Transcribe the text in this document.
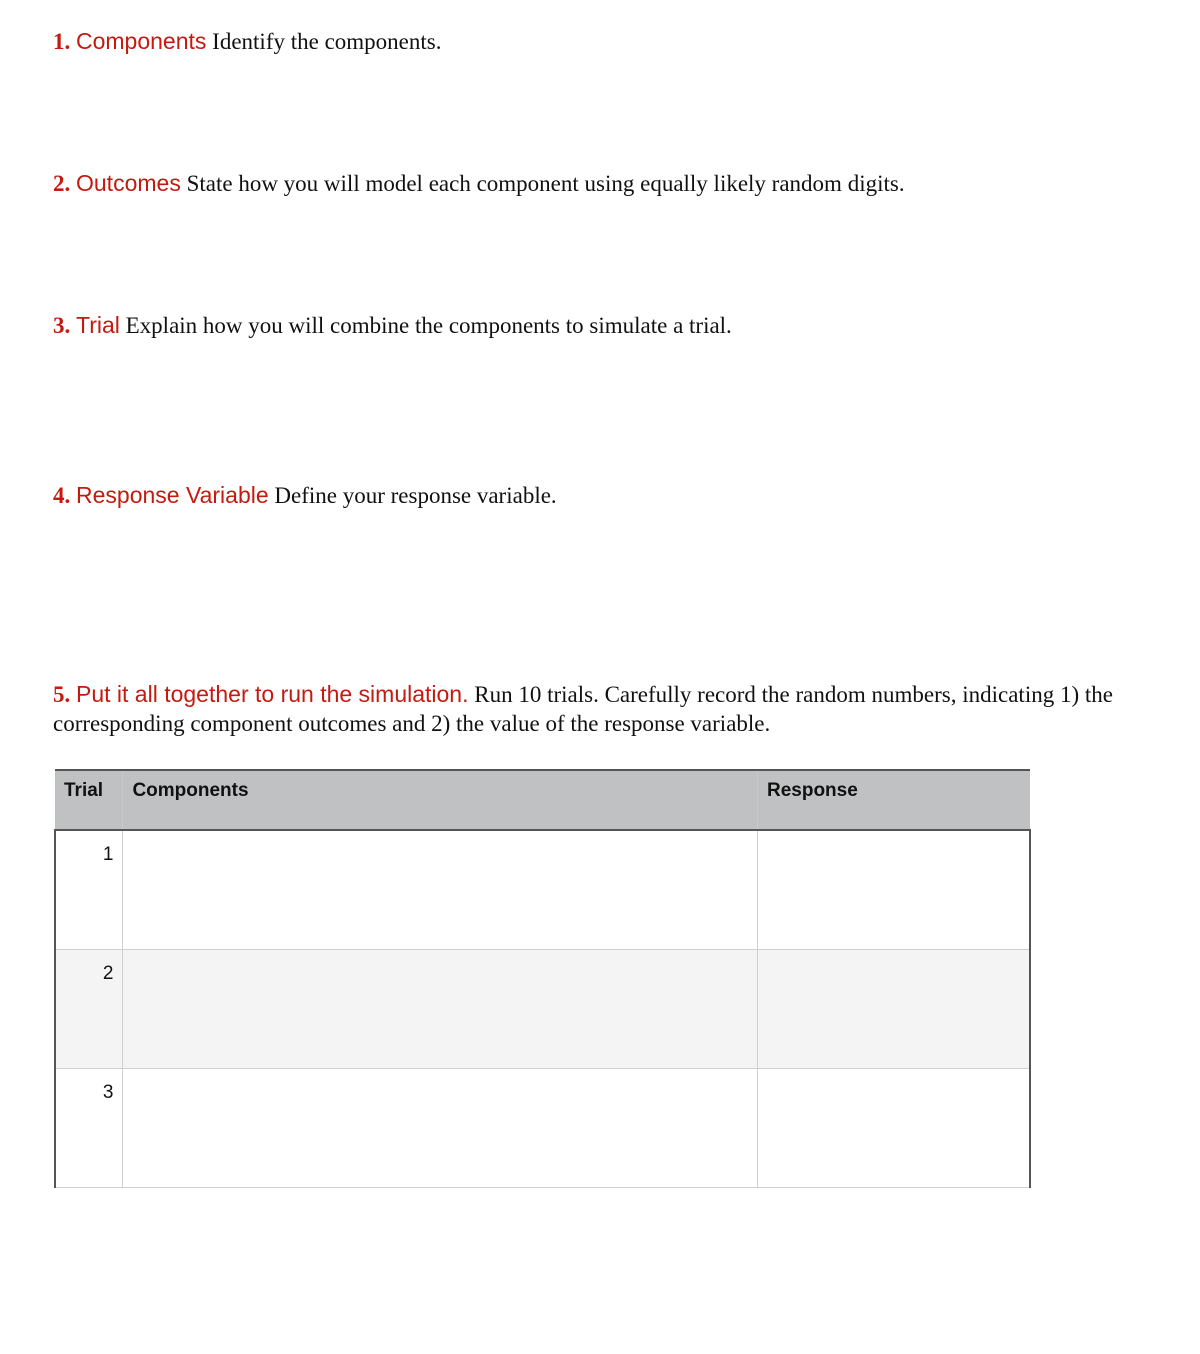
1. Components Identify the components.
2. Outcomes State how you will model each component using equally likely random digits.
3. Trial Explain how you will combine the components to simulate a trial.
4. Response Variable Define your response variable.
5. Put it all together to run the simulation. Run 10 trials. Carefully record the random numbers, indicating 1) the corresponding component outcomes and 2) the value of the response variable.
Trial	Components	Response
1		
2		
3		
